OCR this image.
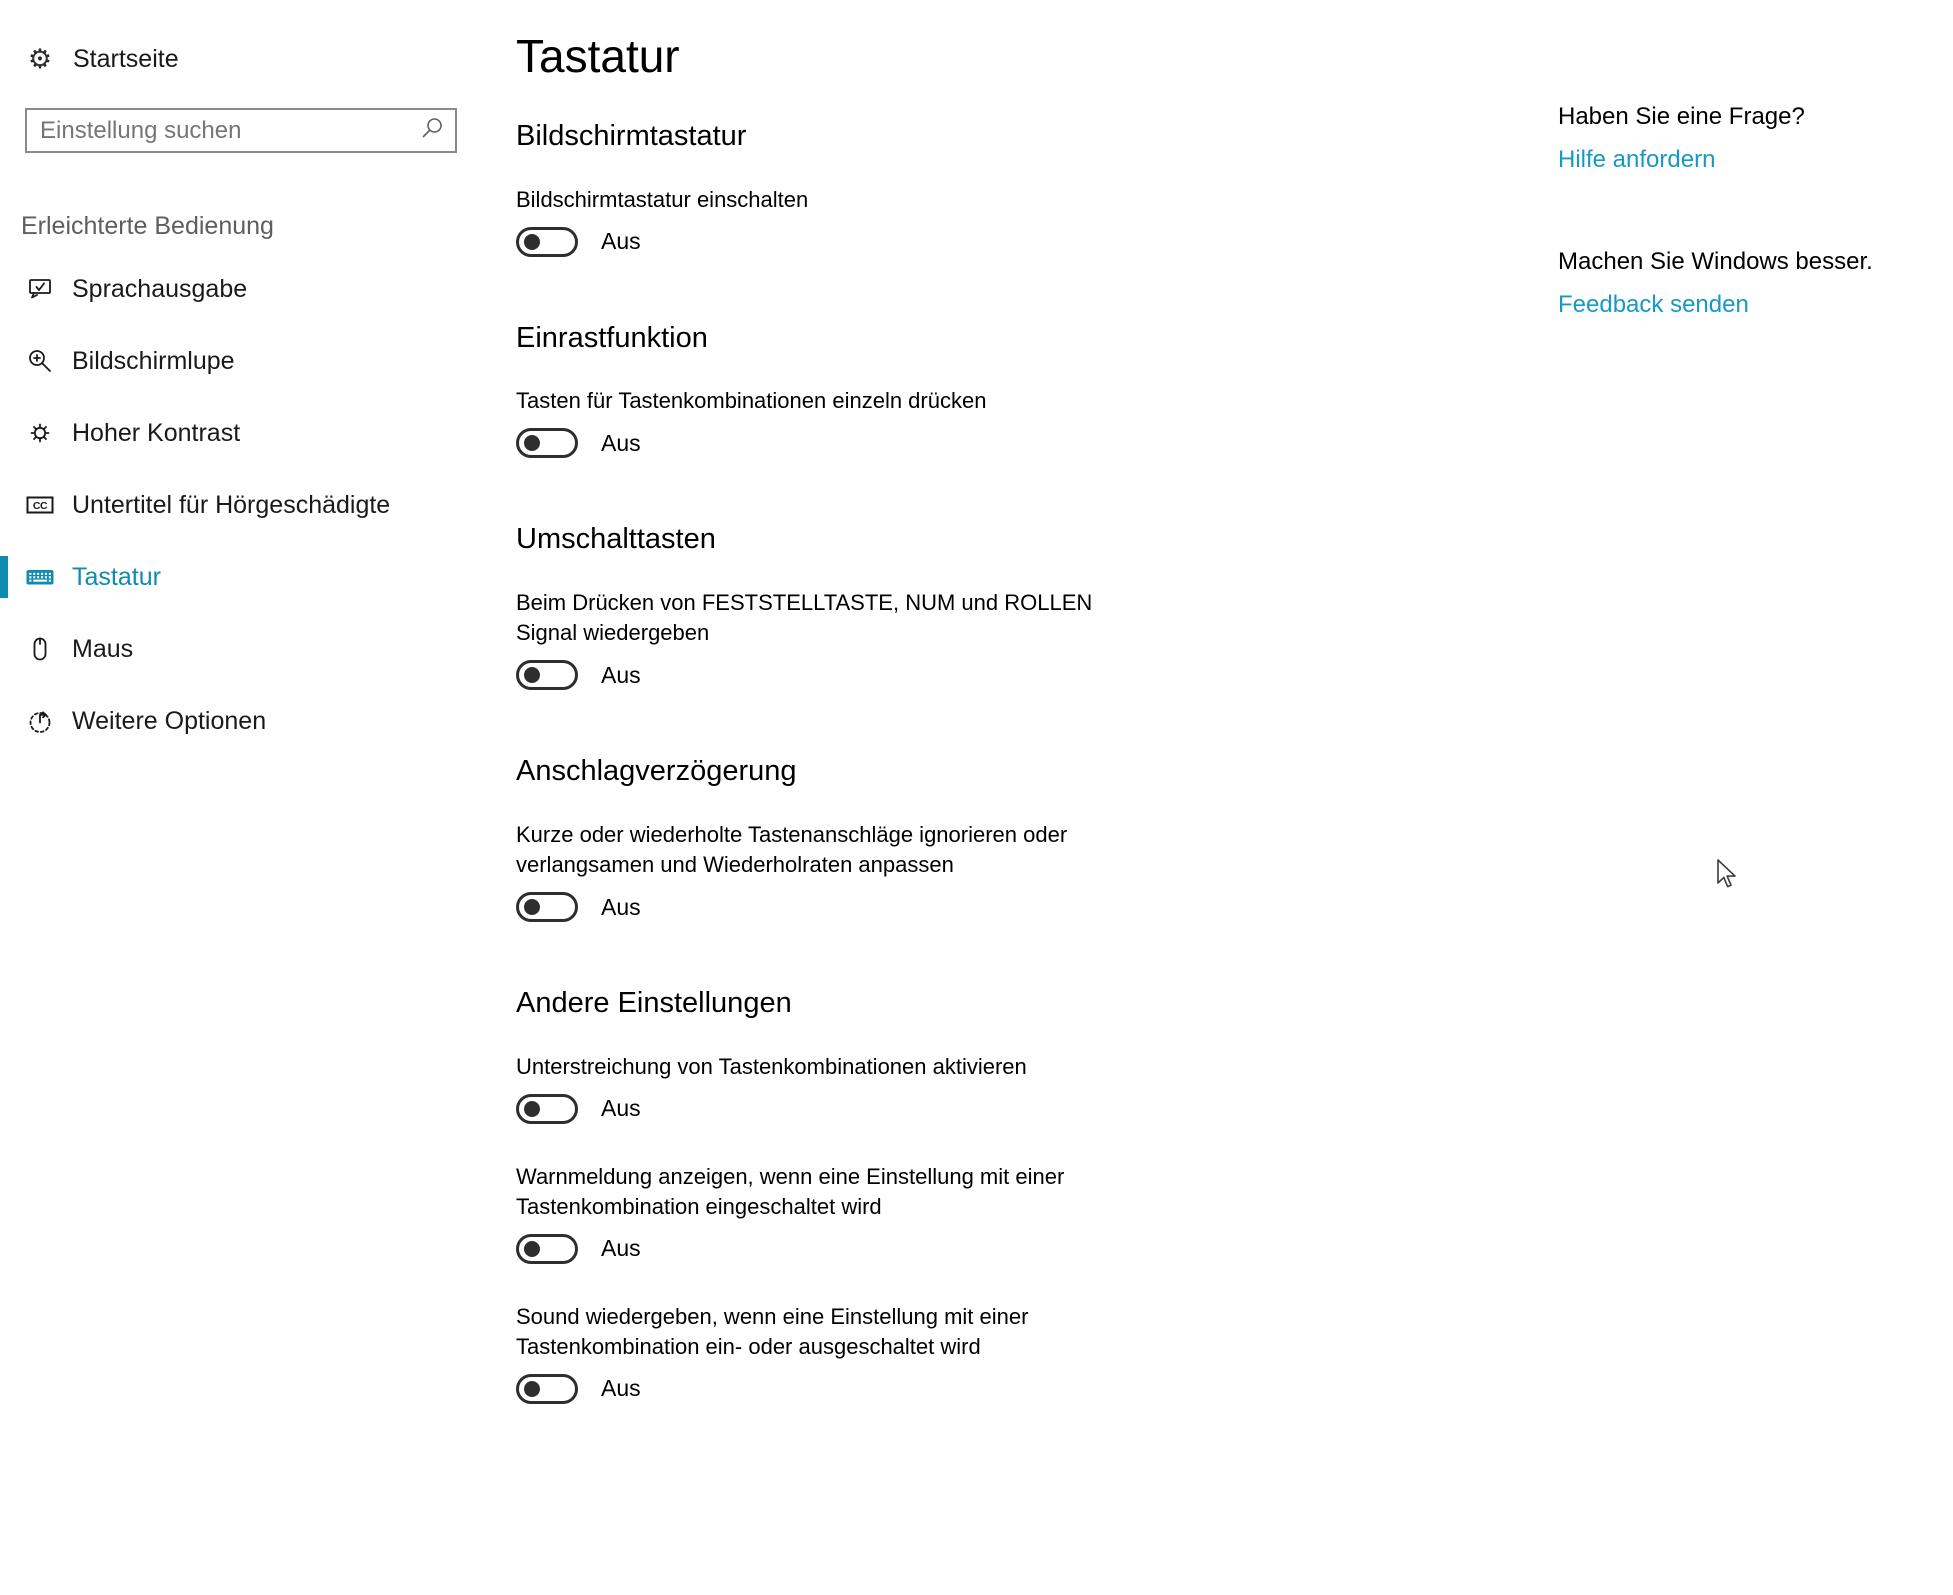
⚙ Startseite
Einstellung suchen
Erleichterte Bedienung
Sprachausgabe
Bildschirmlupe
Hoher Kontrast
CC Untertitel für Hörgeschädigte
Tastatur
Maus
Weitere Optionen
Tastatur
Bildschirmtastatur
Bildschirmtastatur einschalten
Aus
Einrastfunktion
Tasten für Tastenkombinationen einzeln drücken
Aus
Umschalttasten
Beim Drücken von FESTSTELLTASTE, NUM und ROLLEN Signal wiedergeben
Aus
Anschlagverzögerung
Kurze oder wiederholte Tastenanschläge ignorieren oder verlangsamen und Wiederholraten anpassen
Aus
Andere Einstellungen
Unterstreichung von Tastenkombinationen aktivieren
Aus
Warnmeldung anzeigen, wenn eine Einstellung mit einer Tastenkombination eingeschaltet wird
Aus
Sound wiedergeben, wenn eine Einstellung mit einer Tastenkombination ein- oder ausgeschaltet wird
Aus
Haben Sie eine Frage?
Hilfe anfordern
Machen Sie Windows besser.
Feedback senden
